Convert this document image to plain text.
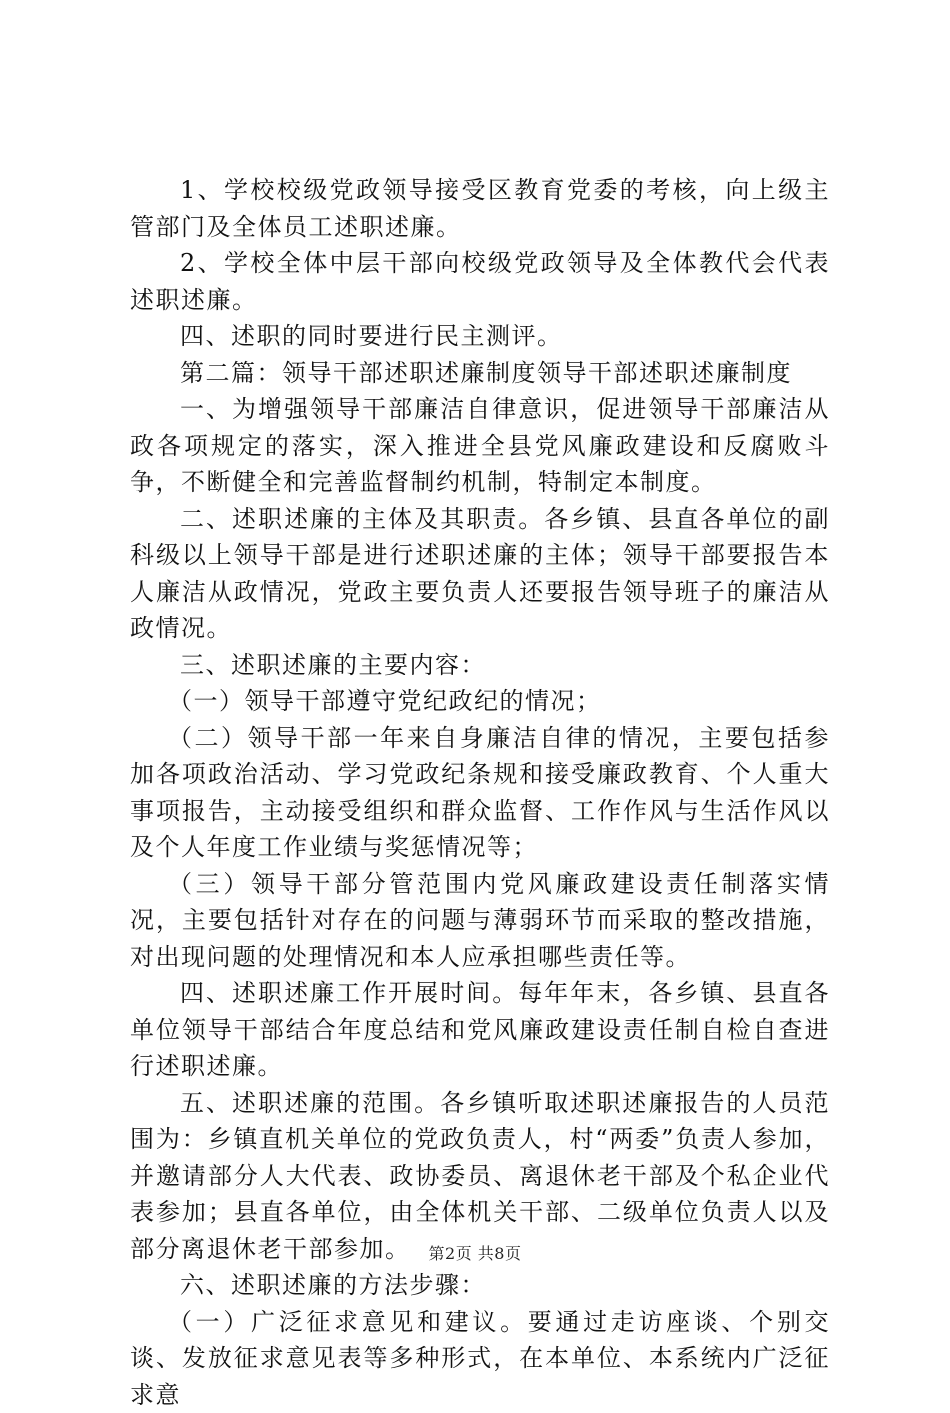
1、学校校级党政领导接受区教育党委的考核，向上级主管部门及全体员工述职述廉。

2、学校全体中层干部向校级党政领导及全体教代会代表述职述廉。

四、述职的同时要进行民主测评。

第二篇：领导干部述职述廉制度领导干部述职述廉制度

一、为增强领导干部廉洁自律意识，促进领导干部廉洁从政各项规定的落实，深入推进全县党风廉政建设和反腐败斗争，不断健全和完善监督制约机制，特制定本制度。

二、述职述廉的主体及其职责。各乡镇、县直各单位的副科级以上领导干部是进行述职述廉的主体；领导干部要报告本人廉洁从政情况，党政主要负责人还要报告领导班子的廉洁从政情况。

三、述职述廉的主要内容：

（一）领导干部遵守党纪政纪的情况；

（二）领导干部一年来自身廉洁自律的情况，主要包括参加各项政治活动、学习党政纪条规和接受廉政教育、个人重大事项报告，主动接受组织和群众监督、工作作风与生活作风以及个人年度工作业绩与奖惩情况等；

（三）领导干部分管范围内党风廉政建设责任制落实情况，主要包括针对存在的问题与薄弱环节而采取的整改措施，对出现问题的处理情况和本人应承担哪些责任等。

四、述职述廉工作开展时间。每年年末，各乡镇、县直各单位领导干部结合年度总结和党风廉政建设责任制自检自查进行述职述廉。

五、述职述廉的范围。各乡镇听取述职述廉报告的人员范围为：乡镇直机关单位的党政负责人，村“两委”负责人参加，并邀请部分人大代表、政协委员、离退休老干部及个私企业代表参加；县直各单位，由全体机关干部、二级单位负责人以及部分离退休老干部参加。

六、述职述廉的方法步骤：

（一）广泛征求意见和建议。要通过走访座谈、个别交谈、发放征求意见表等多种形式，在本单位、本系统内广泛征求意

第2页 共8页
